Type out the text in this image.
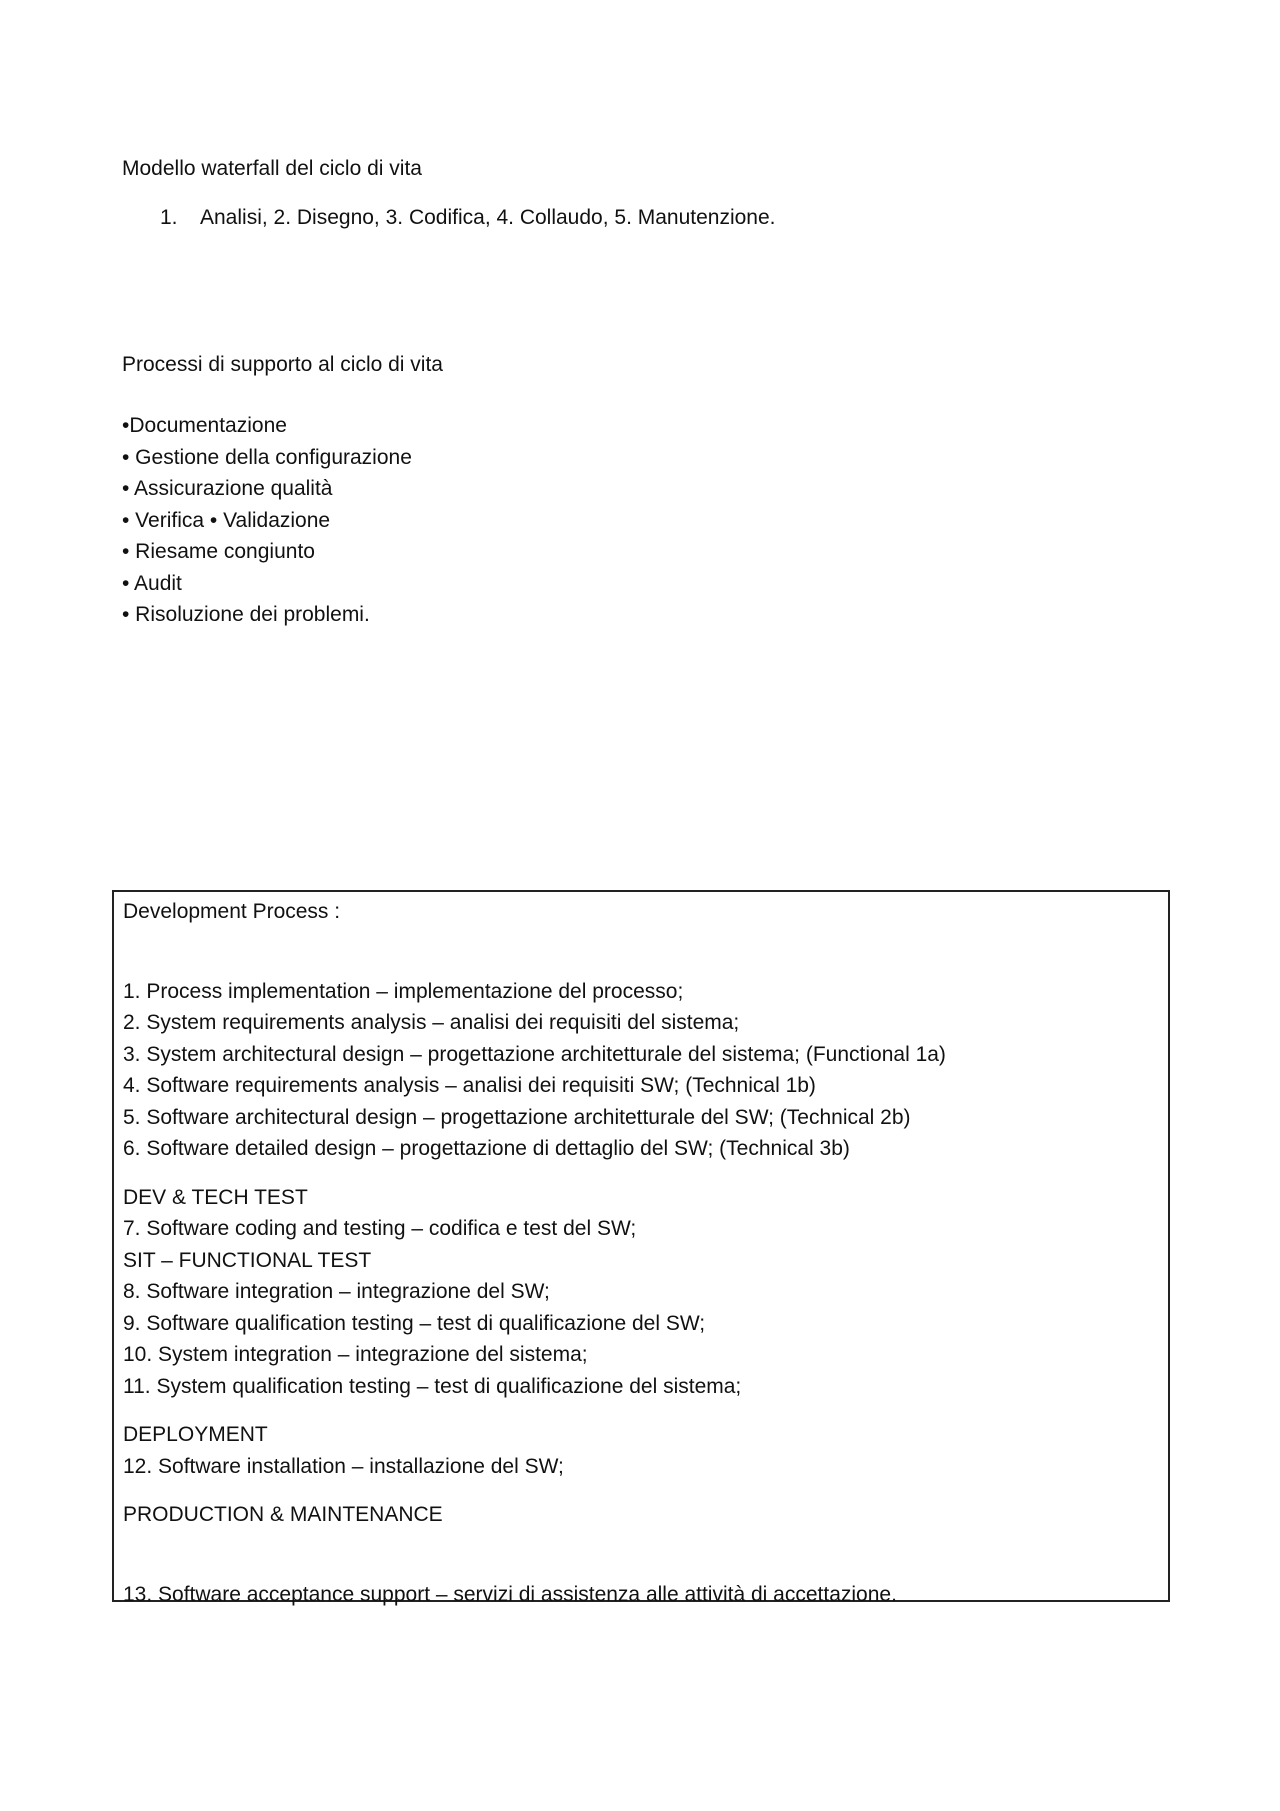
Modello waterfall del ciclo di vita
1. Analisi, 2. Disegno, 3. Codifica, 4. Collaudo, 5. Manutenzione.
Processi di supporto al ciclo di vita
•Documentazione
• Gestione della configurazione
• Assicurazione qualità
• Verifica • Validazione
• Riesame congiunto
• Audit
• Risoluzione dei problemi.
Development Process :
1. Process implementation – implementazione del processo;
2. System requirements analysis – analisi dei requisiti del sistema;
3. System architectural design – progettazione architetturale del sistema; (Functional 1a)
4. Software requirements analysis – analisi dei requisiti SW; (Technical 1b)
5. Software architectural design – progettazione architetturale del SW; (Technical 2b)
6. Software detailed design – progettazione di dettaglio del SW; (Technical 3b)
DEV & TECH TEST
7. Software coding and testing – codifica e test del SW;
SIT – FUNCTIONAL TEST
8. Software integration – integrazione del SW;
9. Software qualification testing – test di qualificazione del SW;
10. System integration – integrazione del sistema;
11. System qualification testing – test di qualificazione del sistema;
DEPLOYMENT
12. Software installation – installazione del SW;
PRODUCTION & MAINTENANCE
13. Software acceptance support – servizi di assistenza alle attività di accettazione.
